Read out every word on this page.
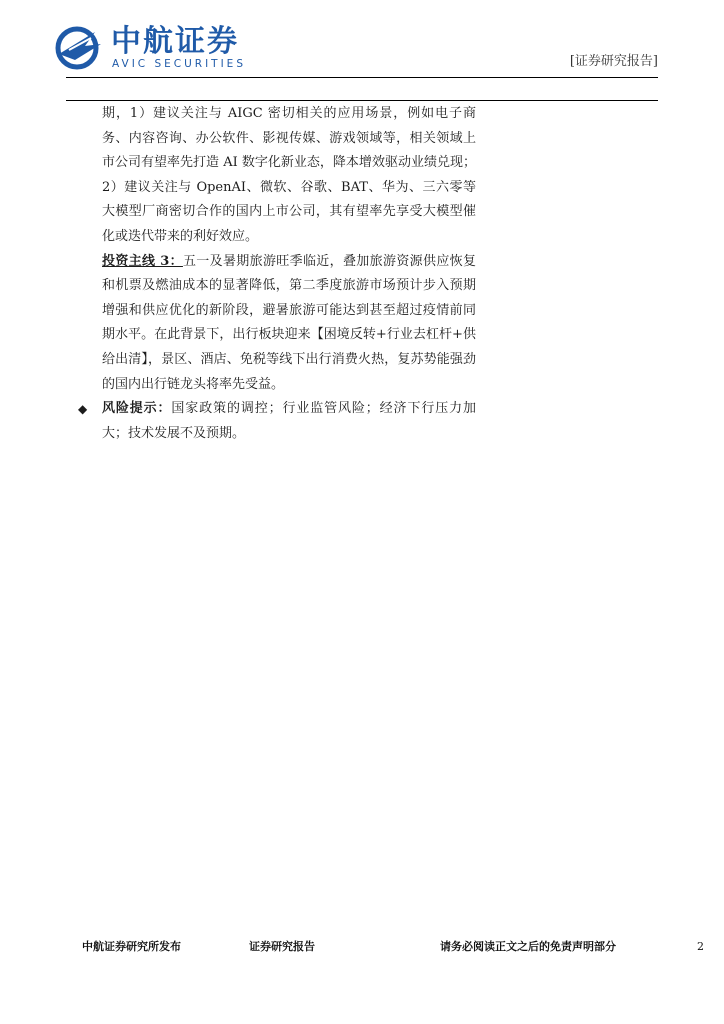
中航证券
AVIC SECURITIES	[证券研究报告]

期，1）建议关注与 AIGC 密切相关的应用场景，例如电子商务、内容咨询、办公软件、影视传媒、游戏领域等，相关领域上市公司有望率先打造 AI 数字化新业态，降本增效驱动业绩兑现；2）建议关注与 OpenAI、微软、谷歌、BAT、华为、三六零等大模型厂商密切合作的国内上市公司，其有望率先享受大模型催化或迭代带来的利好效应。

投资主线 3：五一及暑期旅游旺季临近，叠加旅游资源供应恢复和机票及燃油成本的显著降低，第二季度旅游市场预计步入预期增强和供应优化的新阶段，避暑旅游可能达到甚至超过疫情前同期水平。在此背景下，出行板块迎来【困境反转+行业去杠杆+供给出清】，景区、酒店、免税等线下出行消费火热，复苏势能强劲的国内出行链龙头将率先受益。

◆ 风险提示：国家政策的调控；行业监管风险；经济下行压力加大；技术发展不及预期。

中航证券研究所发布	证券研究报告	请务必阅读正文之后的免责声明部分	2
